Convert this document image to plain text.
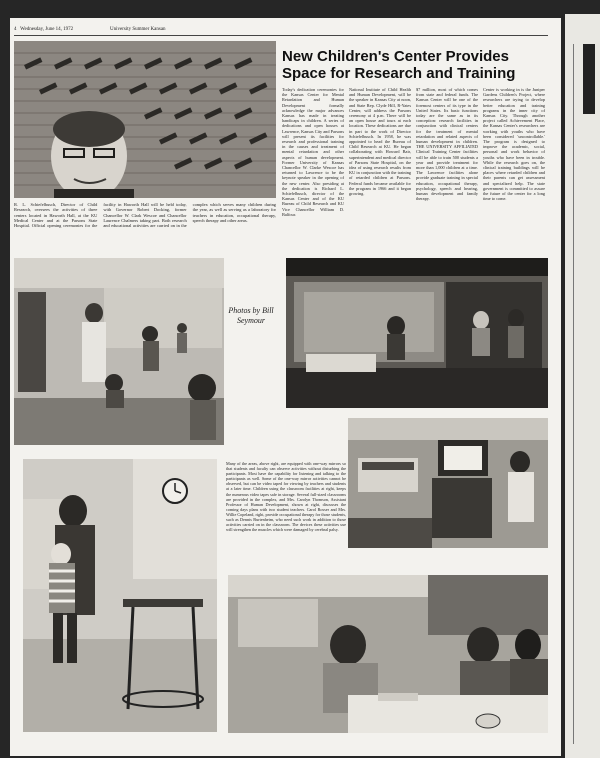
4 Wednesday, June 14, 1972	University Summer Kansan
R. L. Schiefelbusch, Director of Child Research, oversees the activities of three centers located in Haworth Hall, at the KU Medical Center and at the Parsons State Hospital. Official opening ceremonies for the facility in Haworth Hall will be held today, with Governor Robert Docking, former Chancellor W. Clark Wescoe and Chancellor Laurence Chalmers taking part. Both research and educational activities are carried on in the complex which serves many children during the year, as well as serving as a laboratory for teachers in education, occupational therapy, speech therapy and other areas.
New Children's Center Provides Space for Research and Training
Today's dedication ceremonies for the Kansas Center for Mental Retardation and Human Development formally acknowledge the major advances Kansas has made in treating handicaps in children. A series of dedications and open houses at Lawrence, Kansas City and Parsons will present its facilities for research and professional training in the causes and treatment of mental retardation and other aspects of human development. Former University of Kansas Chancellor W. Clarke Wescoe has returned to Lawrence to be the keynote speaker in the opening of the new center. Also presiding at the dedication is Richard L. Schiefelbusch, director of the Kansas Center and of the KU Bureau of Child Research and KU Vice Chancellor William D. Balfour.
National Institute of Child Health and Human Development, will be the speaker in Kansas City at noon, and State Rep. Clyde Hill, R-Yates Center, will address the Parsons ceremony at 4 p.m. There will be an open house and tours at each location. These dedications are due in part to the work of Director Schiefelbusch. In 1958, he was appointed to head the Bureau of Child Research at KU. He began collaborating with Howard Bair, superintendent and medical director of Parsons State Hospital, on the idea of using research results from KU in conjunction with the training of retarded children at Parsons. Federal funds became available for the program in 1966 and it began growing.
$7 million, most of which comes from state and federal funds. The Kansas Center will be one of the foremost centers of its type in the United States. Its basic functions today are the same as in its conception: research facilities in conjunction with clinical centers for the treatment of mental retardation and related aspects of human development in children. THE UNIVERSITY AFFILIATED Clinical Training Center facilities will be able to train 500 students a year and provide treatment for more than 1,000 children at a time. The Lawrence facilities alone provide graduate training in special education, occupational therapy, psychology, speech and hearing, human development and family therapy.
Center is working in is the Juniper Gardens Children's Project, where researchers are trying to develop better education and training programs in the inner city of Kansas City. Through another project called Achievement Place, the Kansas Center's researchers are working with youths who have been considered 'uncontrollable.' The program is designed to improve the academic, social, personal and work behavior of youths who have been in trouble. While the research goes on, the clinical training buildings will be places where retarded children and their parents can get assessment and specialized help. The state government is committed to assure the future of the center for a long time to come.
Photos by Bill Seymour
Many of the areas, above right, are equipped with one-way mirrors so that students and faculty can observe activities without disturbing the participants. Most have the capability for listening and talking to the participants as well. Some of the one-way mirror activities cannot be observed, but can be video taped for viewing by teachers and students at a later time. Children using the classroom facilities at right, keeps the numerous video tapes safe in storage. Several full-sized classrooms are provided in the complex, and Mrs. Carolyn Thomson, Assistant Professor of Human Development, shown at right, discusses the coming days plans with two student teachers. Carol Rosser and Mrs. Willie Copeland, right, provide occupational therapy for those students, such as Dennis Burtenheim, who need such work in addition to those activities carried on in the classroom. The devices these activities use will strengthen the muscles which were damaged by cerebral palsy.
